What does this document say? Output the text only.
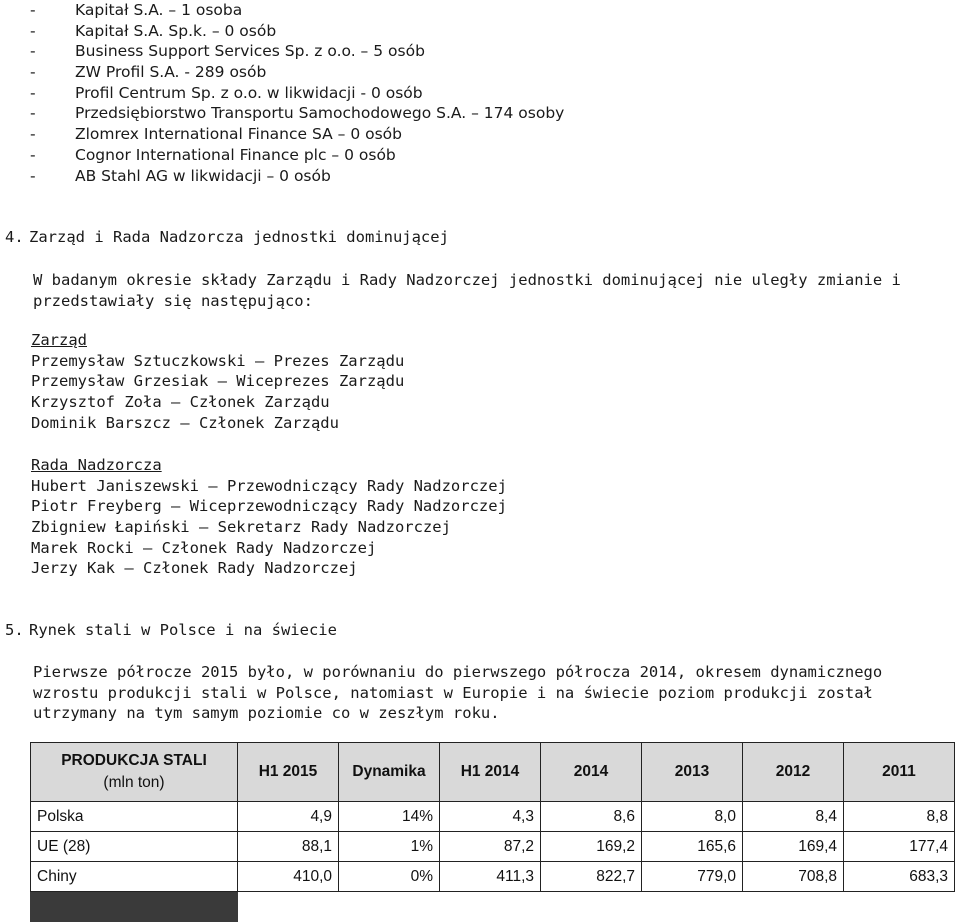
-	Kapitał S.A. – 1 osoba
-	Kapitał S.A. Sp.k. – 0 osób
-	Business Support Services Sp. z o.o. – 5 osób
-	ZW Profil S.A. - 289 osób
-	Profil Centrum Sp. z o.o. w likwidacji - 0 osób
-	Przedsiębiorstwo Transportu Samochodowego S.A. – 174 osoby
-	Zlomrex International Finance SA – 0 osób
-	Cognor International Finance plc – 0 osób
-	AB Stahl AG w likwidacji – 0 osób
4. Zarząd i Rada Nadzorcza jednostki dominującej
W badanym okresie składy Zarządu i Rady Nadzorczej jednostki dominującej nie uległy zmianie i przedstawiały się następująco:
Zarząd
Przemysław Sztuczkowski – Prezes Zarządu
Przemysław Grzesiak – Wiceprezes Zarządu
Krzysztof Zoła – Członek Zarządu
Dominik Barszcz – Członek Zarządu
Rada Nadzorcza
Hubert Janiszewski – Przewodniczący Rady Nadzorczej
Piotr Freyberg – Wiceprzewodniczący Rady Nadzorczej
Zbigniew Łapiński – Sekretarz Rady Nadzorczej
Marek Rocki – Członek Rady Nadzorczej
Jerzy Kak – Członek Rady Nadzorczej
5. Rynek stali w Polsce i na świecie
Pierwsze półrocze 2015 było, w porównaniu do pierwszego półrocza 2014, okresem dynamicznego wzrostu produkcji stali w Polsce, natomiast w Europie i na świecie poziom produkcji został utrzymany na tym samym poziomie co w zeszłym roku.
PRODUKCJA STALI
(mln ton)	H1 2015	Dynamika	H1 2014	2014	2013	2012	2011
Polska	4,9	14%	4,3	8,6	8,0	8,4	8,8
UE (28)	88,1	1%	87,2	169,2	165,6	169,4	177,4
Chiny	410,0	0%	411,3	822,7	779,0	708,8	683,3
